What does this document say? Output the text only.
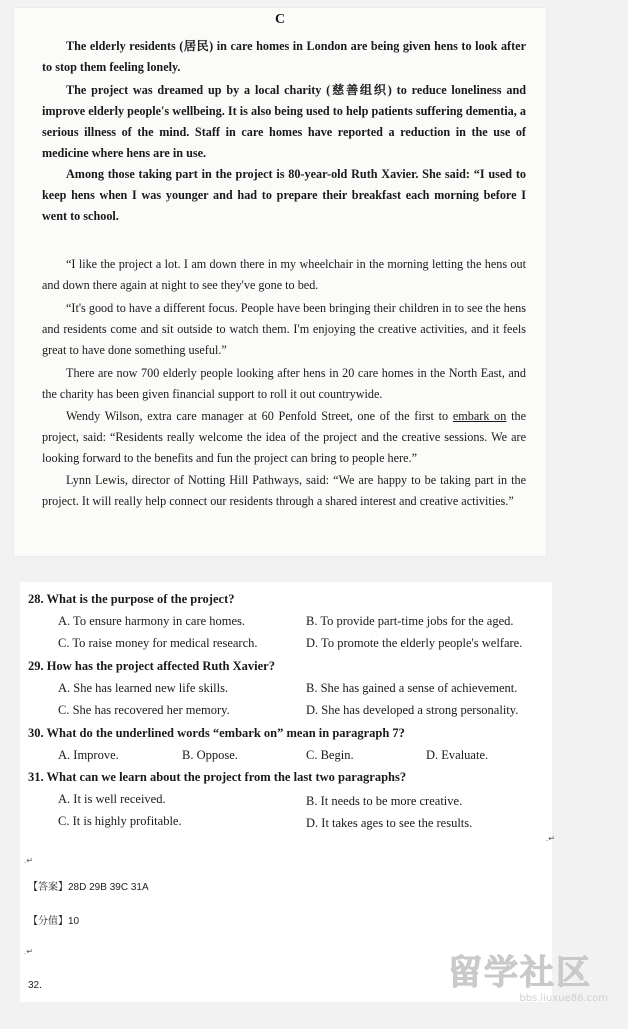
C
The elderly residents (居民) in care homes in London are being given hens to look after to stop them feeling lonely.
The project was dreamed up by a local charity (慈善组织) to reduce loneliness and improve elderly people's wellbeing. It is also being used to help patients suffering dementia, a serious illness of the mind. Staff in care homes have reported a reduction in the use of medicine where hens are in use.
Among those taking part in the project is 80-year-old Ruth Xavier. She said: “I used to keep hens when I was younger and had to prepare their breakfast each morning before I went to school.
“I like the project a lot. I am down there in my wheelchair in the morning letting the hens out and down there again at night to see they've gone to bed.
“It's good to have a different focus. People have been bringing their children in to see the hens and residents come and sit outside to watch them. I'm enjoying the creative activities, and it feels great to have done something useful.”
There are now 700 elderly people looking after hens in 20 care homes in the North East, and the charity has been given financial support to roll it out countrywide.
Wendy Wilson, extra care manager at 60 Penfold Street, one of the first to embark on the project, said: “Residents really welcome the idea of the project and the creative sessions. We are looking forward to the benefits and fun the project can bring to people here.”
Lynn Lewis, director of Notting Hill Pathways, said: “We are happy to be taking part in the project. It will really help connect our residents through a shared interest and creative activities.”
28. What is the purpose of the project?
A. To ensure harmony in care homes.	B. To provide part-time jobs for the aged.
C. To raise money for medical research.	D. To promote the elderly people's welfare.
29. How has the project affected Ruth Xavier?
A. She has learned new life skills.	B. She has gained a sense of achievement.
C. She has recovered her memory.	D. She has developed a strong personality.
30. What do the underlined words “embark on” mean in paragraph 7?
A. Improve.	B. Oppose.	C. Begin.	D. Evaluate.
31. What can we learn about the project from the last two paragraphs?
A. It is well received.	B. It needs to be more creative.
C. It is highly profitable.	D. It takes ages to see the results.
.↵
.↵
【答案】28D 29B 39C 31A
【分值】10
.↵
32.	留学社区
bbs.liuxue86.com
